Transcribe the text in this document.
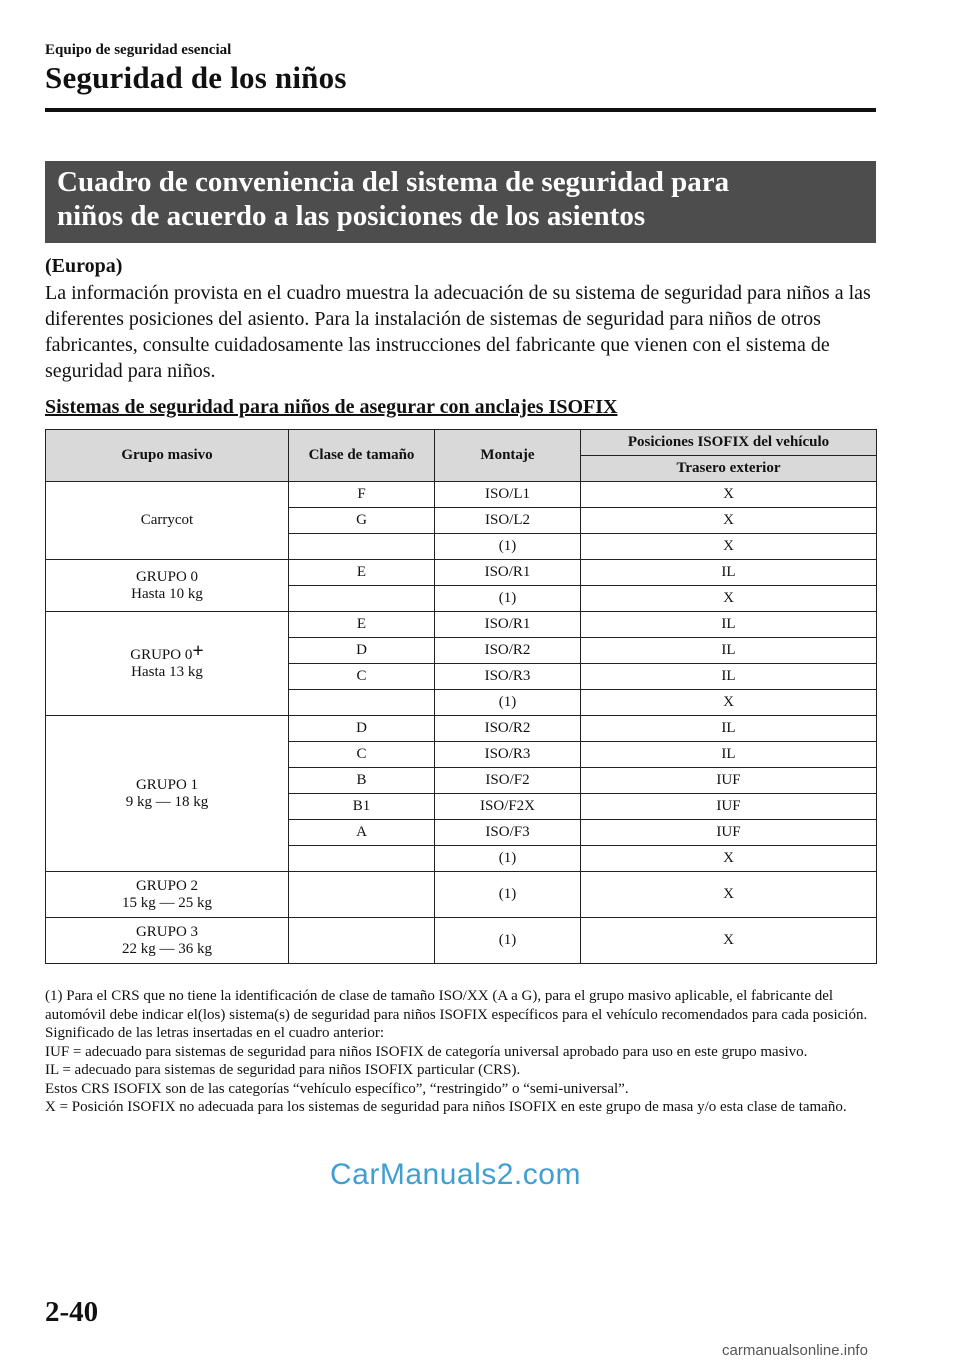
Equipo de seguridad esencial
Seguridad de los niños
Cuadro de conveniencia del sistema de seguridad para
niños de acuerdo a las posiciones de los asientos
(Europa)
La información provista en el cuadro muestra la adecuación de su sistema de seguridad para niños a las diferentes posiciones del asiento. Para la instalación de sistemas de seguridad para niños de otros fabricantes, consulte cuidadosamente las instrucciones del fabricante que vienen con el sistema de seguridad para niños.
Sistemas de seguridad para niños de asegurar con anclajes ISOFIX
Grupo masivo	Clase de tamaño	Montaje	Posiciones ISOFIX del vehículo
			Trasero exterior
Carrycot	F	ISO/L1	X
	G	ISO/L2	X
		(1)	X

GRUPO 0
Hasta 10 kg	E	ISO/R1	IL
		(1)	X

GRUPO 0+
Hasta 13 kg	E	ISO/R1	IL
	D	ISO/R2	IL
	C	ISO/R3	IL
		(1)	X

GRUPO 1
9 kg ― 18 kg	D	ISO/R2	IL
	C	ISO/R3	IL
	B	ISO/F2	IUF
	B1	ISO/F2X	IUF
	A	ISO/F3	IUF
		(1)	X

GRUPO 2
15 kg ― 25 kg		(1)	X

GRUPO 3
22 kg ― 36 kg		(1)	X

(1) Para el CRS que no tiene la identificación de clase de tamaño ISO/XX (A a G), para el grupo masivo aplicable, el fabricante del automóvil debe indicar el(los) sistema(s) de seguridad para niños ISOFIX específicos para el vehículo recomendados para cada posición.

Significado de las letras insertadas en el cuadro anterior:

IUF = adecuado para sistemas de seguridad para niños ISOFIX de categoría universal aprobado para uso en este grupo masivo.

IL = adecuado para sistemas de seguridad para niños ISOFIX particular (CRS).

Estos CRS ISOFIX son de las categorías “vehículo específico”, “restringido” o “semi-universal”.

X = Posición ISOFIX no adecuada para los sistemas de seguridad para niños ISOFIX en este grupo de masa y/o esta clase de tamaño.

CarManuals2.com
2-40
carmanualsonline.info
